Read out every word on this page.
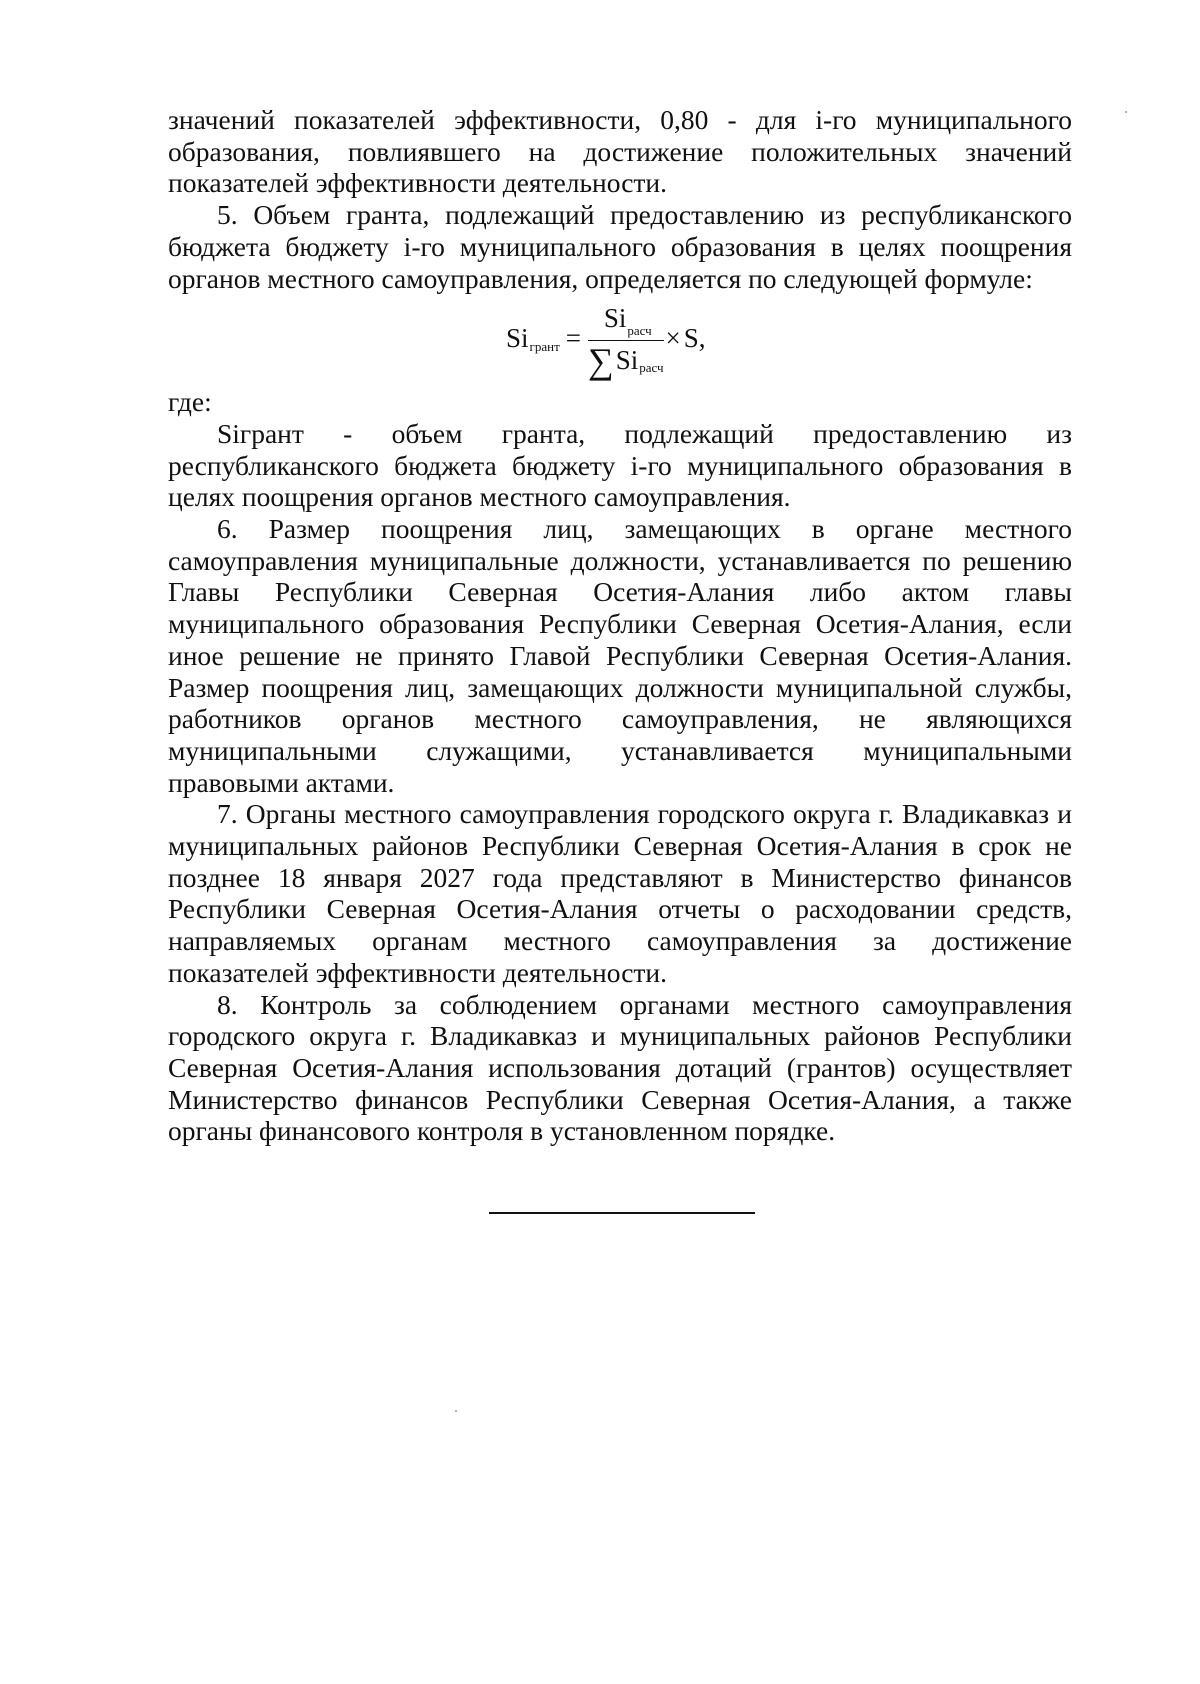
значений показателей эффективности, 0,80 - для i-го муниципального образования, повлиявшего на достижение положительных значений показателей эффективности деятельности.

5. Объем гранта, подлежащий предоставлению из республиканского бюджета бюджету i-го муниципального образования в целях поощрения органов местного самоуправления, определяется по следующей формуле:

Si грант = $\frac{Si_{расч}}{\text{∑ Si расч}} \times S$,

где:

Siгрант - объем гранта, подлежащий предоставлению из республиканского бюджета бюджету i-го муниципального образования в целях поощрения органов местного самоуправления.

6. Размер поощрения лиц, замещающих в органе местного самоуправления муниципальные должности, устанавливается по решению Главы Республики Северная Осетия-Алания либо актом главы муниципального образования Республики Северная Осетия-Алания, если иное решение не принято Главой Республики Северная Осетия-Алания. Размер поощрения лиц, замещающих должности муниципальной службы, работников органов местного самоуправления, не являющихся муниципальными служащими, устанавливается муниципальными правовыми актами.

7. Органы местного самоуправления городского округа г. Владикавказ и муниципальных районов Республики Северная Осетия-Алания в срок не позднее 18 января 2027 года представляют в Министерство финансов Республики Северная Осетия-Алания отчеты о расходовании средств, направляемых органам местного самоуправления за достижение показателей эффективности деятельности.

8. Контроль за соблюдением органами местного самоуправления городского округа г. Владикавказ и муниципальных районов Республики Северная Осетия-Алания использования дотаций (грантов) осуществляет Министерство финансов Республики Северная Осетия-Алания, а также органы финансового контроля в установленном порядке.
